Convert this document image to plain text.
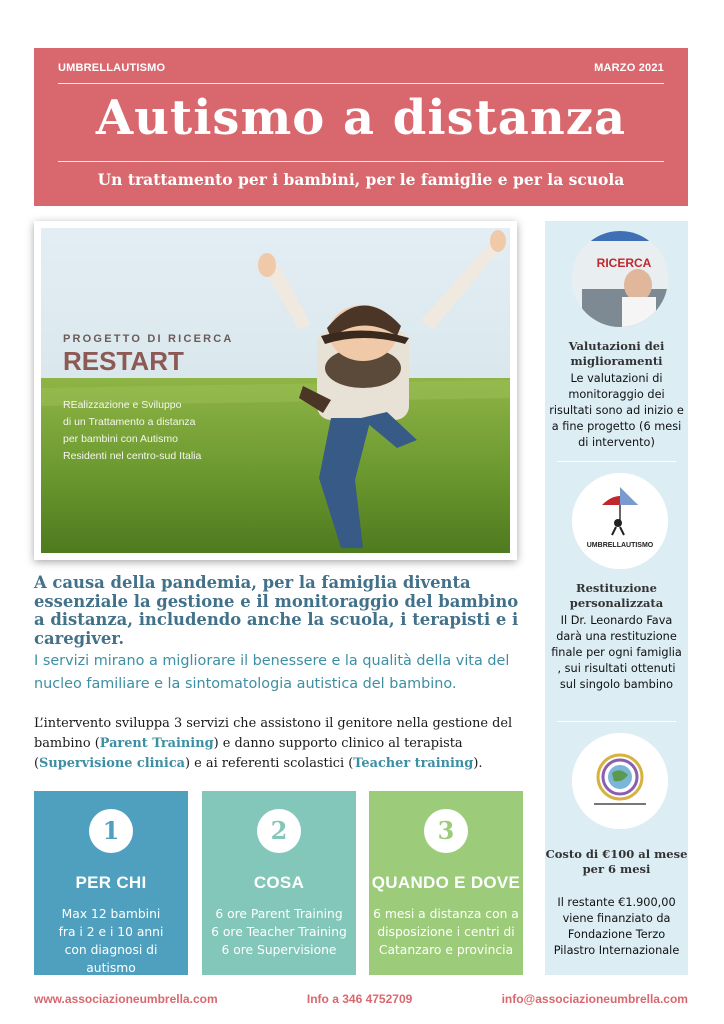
UMBRELLAUTISMO	MARZO 2021
Autismo a distanza
Un trattamento per i bambini, per le famiglie e per la scuola
PROGETTO DI RICERCA
RESTART
REalizzazione e Sviluppo
di un Trattamento a distanza
per bambini con Autismo
Residenti nel centro-sud Italia
A causa della pandemia, per la famiglia diventa essenziale la gestione e il monitoraggio del bambino a distanza, includendo anche la scuola, i terapisti e i caregiver.
I servizi mirano a migliorare il benessere e la qualità della vita del nucleo familiare e la sintomatologia autistica del bambino.
L’intervento sviluppa 3 servizi che assistono il genitore nella gestione del bambino (Parent Training) e danno supporto clinico al terapista (Supervisione clinica) e ai referenti scolastici (Teacher training).
1
PER CHI
Max 12 bambini
fra i 2 e i 10 anni
con diagnosi di autismo
2
COSA
6 ore Parent Training
6 ore Teacher Training
6 ore Supervisione
3
QUANDO E DOVE
6 mesi a distanza con a
disposizione i centri di
Catanzaro e provincia
RICERCA
Valutazioni dei miglioramenti
Le valutazioni di monitoraggio dei risultati sono ad inizio e a fine progetto (6 mesi di intervento)
UMBRELLAUTISMO
Restituzione personalizzata
Il Dr. Leonardo Fava darà una restituzione finale per ogni famiglia , sui risultati ottenuti sul singolo bambino
Costo di €100 al mese per 6 mesi
Il restante €1.900,00 viene finanziato da Fondazione Terzo Pilastro Internazionale
www.associazioneumbrella.com	Info a 346 4752709	info@associazioneumbrella.com
